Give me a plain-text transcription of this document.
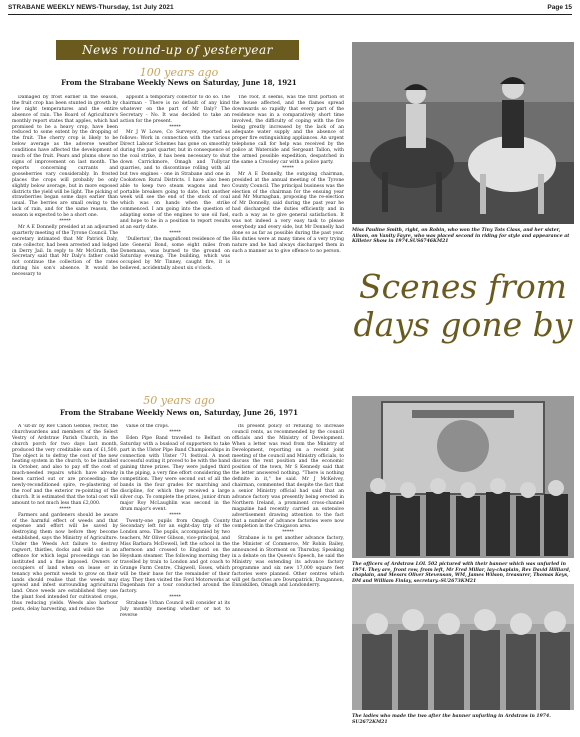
STRABANE WEEKLY NEWS-Thursday, 1st July 2021	Page 15
News round-up of yesteryear
100 years ago
From the Strabane Weekly News on Saturday, June 18, 1921

Damaged by frost earlier in the season, the fruit crop has been stunted in growth by low night temperatures and the entire absence of rain. The Board of Agriculture's monthly report states that apples, which had promised to be a heavy crop, have been reduced to some extent by the dropping of the fruit. The cherry crop is likely to be below average as the adverse weather conditions have affected the development of much of the fruit. Pears and plums show no signs of improvement on last month. The reports concerning currants and gooseberries vary considerably. In frosted places the crops will probably be only slightly below average, but in more exposed districts the yield will be light. The picking of strawberries began some days earlier than usual. The berries are small owing to the lack of rain, and for the same reason, the season is expected to be a short one.

*****

Mr A E Donnelly presided at an adjourned quarterly meeting of the Tyrone Council. The secretary intimated that Mr Patrick Daly, rate collector, had been arrested and lodged in Derry Jail. In reply to Mr McGrath, the Secretary said that Mr Daly's father could not continue the collection of the rates during his son's absence. It would be necessary to

appoint a temporary collector to do so. The chairman - There is no default of any kind whatever on the part of Mr Daly? The Secretary - No. It was decided to take an action for the present.

*****

Mr J W Lowe, Co Surveyor, reported as follows: Work in connection with the various Direct Labour Schemes has gone on smoothly during the past quarter, but in consequence of the coal strike, it has been necessary to shut down Carrickmore, Omagh and Tullycar quarries, and to discontinue rolling with all but two engines - one in Strabane and one in Cookstown Rural Districts. I have also been able to keep two steam wagons and two portable breakers going to date, but another week will see the end of the stock of coal which was on hands when the strike commenced. I am going into the question of adapting some of the engines to use oil fuel, and hope to be in a position to report results at an early date.

*****

'Dullerton', the magnificent residence of the late General Bond, some eight miles from Donemana, was burned to the ground on Saturday evening. The building, which was occupied by Mr Tinney, caught fire, it is believed, accidentally about six o'clock.

The roof, it seems, was the first portion of the house affected, and the flames spread downwards so rapidly that every part of the residence was in a comparatively short time involved, the difficulty of coping with the fire being greatly increased by the lack of an adequate water supply and the absence of proper fire extinguishing appliances. An urgent telephone call for help was received by the police at Waterside and Sergeant Tallon, with the armed possible expedition, despatched in the same a Crossley car with a police party.

*****

Mr A E Donnelly, the outgoing chairman, presided at the annual meeting of the Tyrone County Council. The principal business was the election of the chairman for the ensuing year and Mr Murnaghan, proposing the re-election of Mr Donnelly, said during the past year he had discharged the duties efficiently and in such a way as to give general satisfaction. It was not indeed a very easy task to please everybody and every side, but Mr Donnelly had done so as far as possible during the past year. His duties were at many times of a very trying nature and he had always discharged them in such a manner as to give offence to no person.

Miss Pauline Smith, right, on Robin, who won the Tiny Tots Class, and her sister, Alison, on Vanity Fayre, who was placed second in riding for style and appearance at Killeter Show in 1974.SUS6746KM21
Scenes from days gone by
50 years ago
From the Strabane Weekly News on, Saturday, June 26, 1971

A 'sit-in' by Rev Canon Gebbie, rector, the churchwardens and members of the Select Vestry of Ardstraw Parish Church, in the church porch for two days last month, produced the very creditable sum of £1,500. The object is to defray the cost of the new heating system in the church, to be installed in October, and also to pay off the cost of much-needed repairs which have already been carried out or are proceeding: the newly-reconditioned spire, re-plastering of the roof and the exterior re-pointing of the church. It is estimated that the total cost will amount to not much less than £2,000.

*****

Farmers and gardeners should be aware of the harmful effect of weeds and that expense and effort will be saved by destroying them now before they become established, says the Ministry of Agriculture. Under the Weeds Act failure to destroy ragwort, thistles, docks and wild oat is an offence for which legal proceedings can be instituted and a fine imposed. Owners or occupiers of land when on lease or in tenancy who permit weeds to grow on their lands should realise that the weeds may spread and infest surrounding agricultural land. Once weeds are established they use the plant food intended for cultivated crops, thus reducing yields. Weeds also harbour pests, delay harvesting, and reduce the

value of the crops.

*****

Eden Pipe Band travelled to Belfast on Saturday with a busload of supporters to take part in the Ulster Pipe Band Championships in connection with Ulster '71 festival. A most successful outing it proved to be with the band gaining three prizes. They were judged third in the piping, a very fine effort considering the competition. They were second out of all the bands in the four grades for marching and discipline, for which they received a large silver cup. To complete the prizes, junior drum major Roy McLaughlin was second in the drum major's event.

*****

Twenty-one pupils from Omagh County Secondary left for an eight-day trip of the London area. The pupils, accompanied by two teachers, Mr Oliver Gibson, vice-principal, and Miss Barbara McDowell, left the school in the afternoon and crossed to England on the Heysham steamer. The following morning they travelled by train to London and got coach to Grange Farm Centre, Chigwell, Essex, which will be their base for the remainder of their stay. They then visited the Ford Motorworks at Dagenham for a tour conducted around the factory.

*****

Strabane Urban Council will consider at its July monthly meeting whether or not to reverse

its present policy of refusing to increase council rents, as recommended by the council officials and the Ministry of Development. When a letter was read from the Ministry of Development, reporting on a recent joint meeting of the council and Ministry officials, to discuss the rent position and the economic position of the town, Mr S Kennedy said that the letter answered nothing. "There is nothing definite in it," he said. Mr J McKelvey, chairman, commented that despite the fact that a senior Ministry official had said that an advance factory was presently being erected in Northern Ireland, a prominent cross-channel magazine had recently carried an extensive advertisement drawing attention to the fact that a number of advance factories were now completion in the Craigavon area.

*****

Strabane is to get another advance factory, the Minister of Commerce, Mr Robin Bailey, announced in Stormont on Thursday. Speaking in a debate on the Queen's Speech, he said the Ministry was extending its advance factory programme and six new 17,000 square feet factories were planned. Other centres which will get factories are Downpatrick, Dungannon, Enniskillen, Omagh and Londonderry.

The officers of Ardstraw LOL 502 pictured with their banner which was unfurled in 1974. They are, front row, from left, Mr Fred Millar, lay-chaplain, Rev David Hilliard, chaplain, and Messrs Oliver Stevenson, WM, James Wilson, treasurer, Thomas Keys, DM and William Finlay, secretary.-SU2673KM21
The ladies who made the two after the banner unfurling in Ardstraw in 1974. SU2672KM21
